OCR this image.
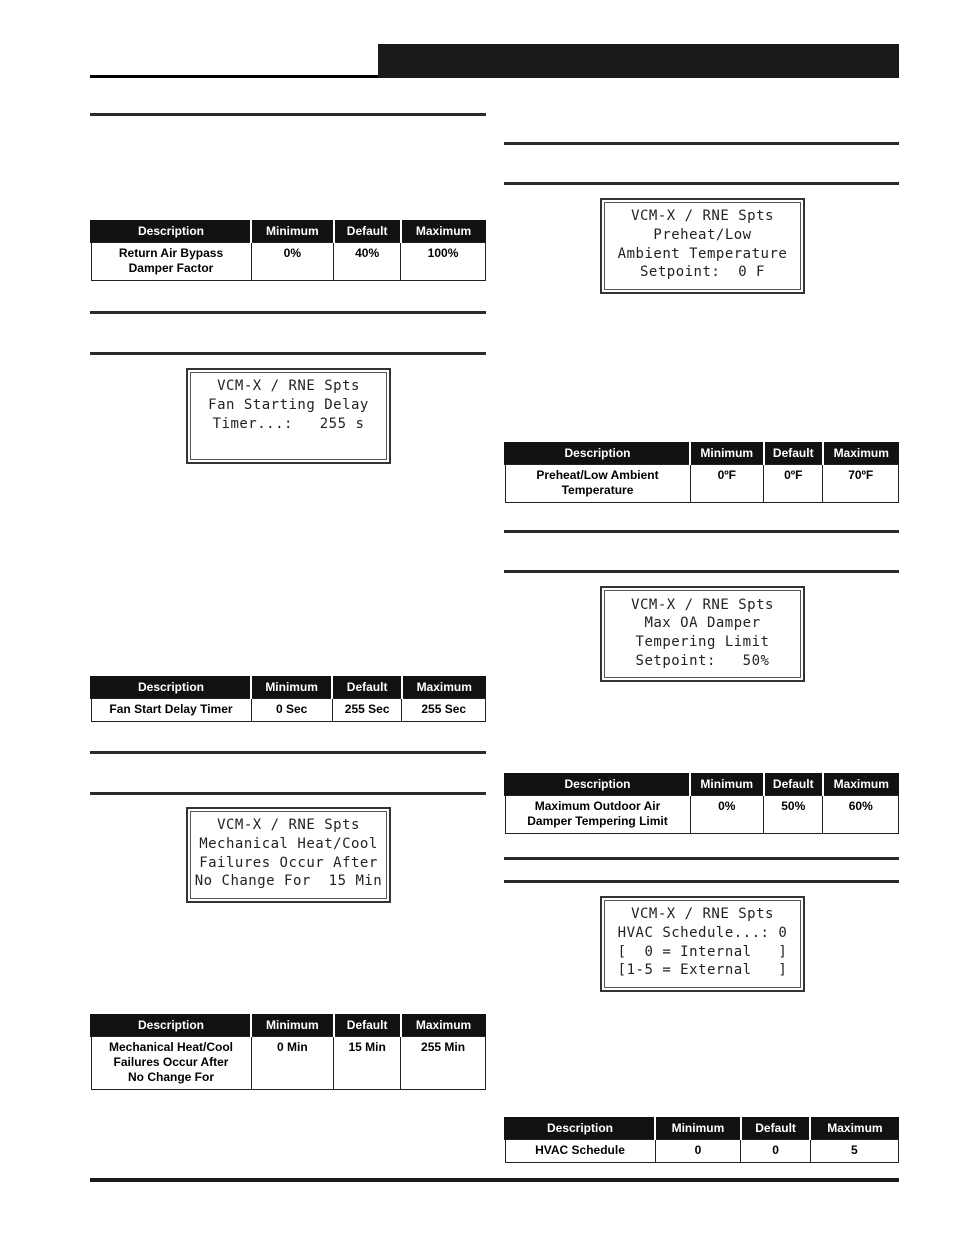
Description	Minimum	Default	Maximum
Return Air Bypass
Damper Factor	0%	40%	100%
VCM-X / RNE Spts
Fan Starting Delay
Timer...:   255 s
Description	Minimum	Default	Maximum
Fan Start Delay Timer	0 Sec	255 Sec	255 Sec
VCM-X / RNE Spts
Mechanical Heat/Cool
Failures Occur After
No Change For  15 Min
Description	Minimum	Default	Maximum
Mechanical Heat/Cool
Failures Occur After
No Change For	0 Min	15 Min	255 Min
VCM-X / RNE Spts
Preheat/Low
Ambient Temperature
Setpoint:  0 F
Description	Minimum	Default	Maximum
Preheat/Low Ambient
Temperature	0ºF	0ºF	70ºF
VCM-X / RNE Spts
Max OA Damper
Tempering Limit
Setpoint:   50%
Description	Minimum	Default	Maximum
Maximum Outdoor Air
Damper Tempering Limit	0%	50%	60%
VCM-X / RNE Spts
HVAC Schedule...: 0
[  0 = Internal   ]
[1-5 = External   ]
Description	Minimum	Default	Maximum
HVAC Schedule	0	0	5
